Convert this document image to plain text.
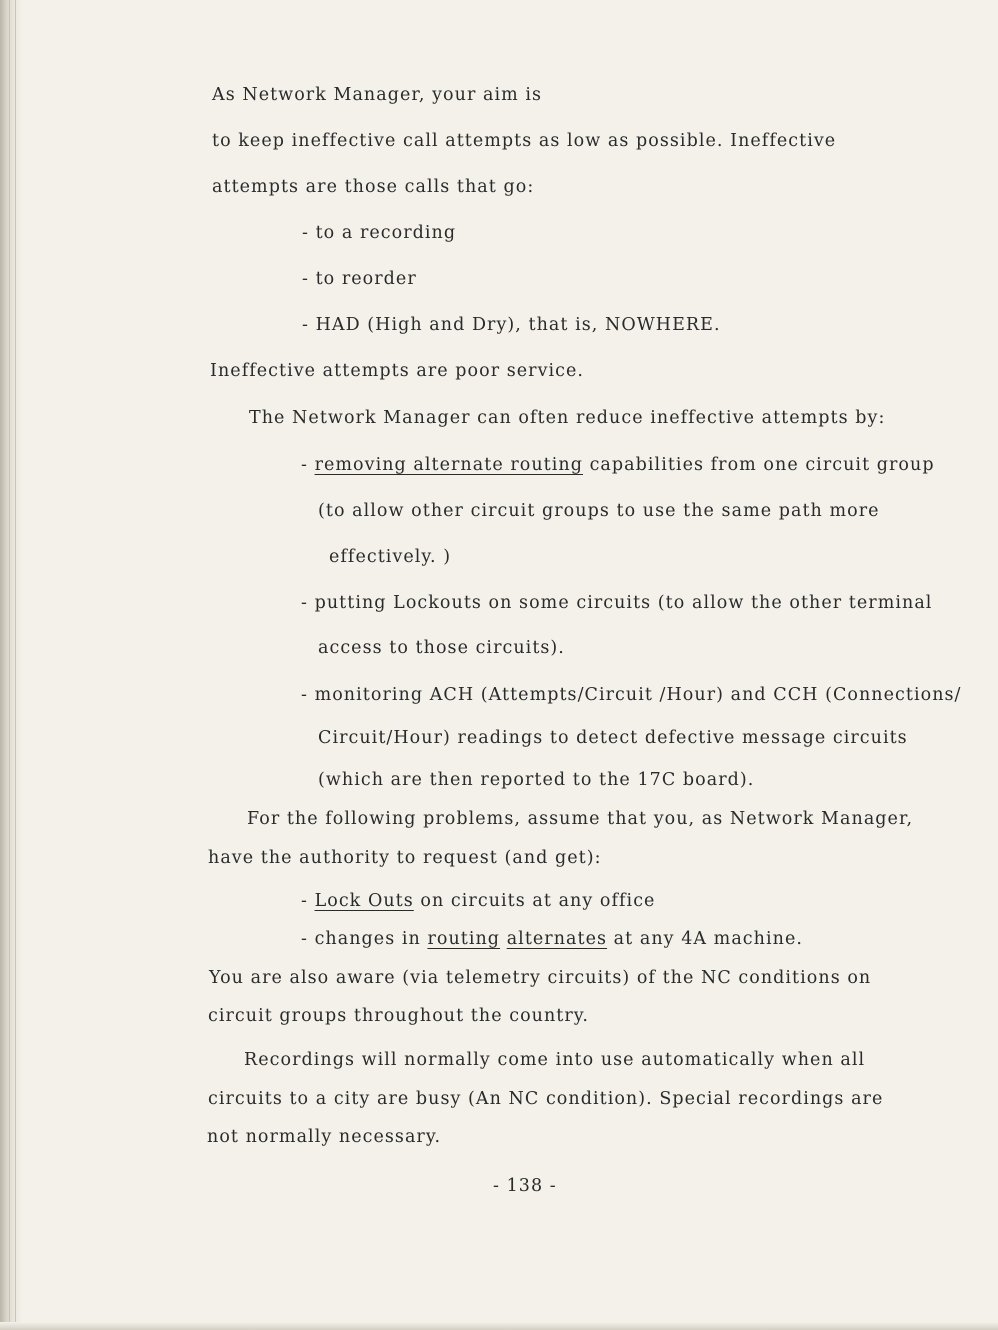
As Network Manager, your aim is
to keep ineffective call attempts as low as possible. Ineffective
attempts are those calls that go:
- to a recording
- to reorder
- HAD (High and Dry), that is, NOWHERE.
Ineffective attempts are poor service.
The Network Manager can often reduce ineffective attempts by:
- removing alternate routing capabilities from one circuit group
(to allow other circuit groups to use the same path more
effectively. )
- putting Lockouts on some circuits (to allow the other terminal
access to those circuits).
- monitoring ACH (Attempts/Circuit /Hour) and CCH (Connections/
Circuit/Hour) readings to detect defective message circuits
(which are then reported to the 17C board).
For the following problems, assume that you, as Network Manager,
have the authority to request (and get):
- Lock Outs on circuits at any office
- changes in routing alternates at any 4A machine.
You are also aware (via telemetry circuits) of the NC conditions on
circuit groups throughout the country.
Recordings will normally come into use automatically when all
circuits to a city are busy (An NC condition). Special recordings are
not normally necessary.
- 138 -
